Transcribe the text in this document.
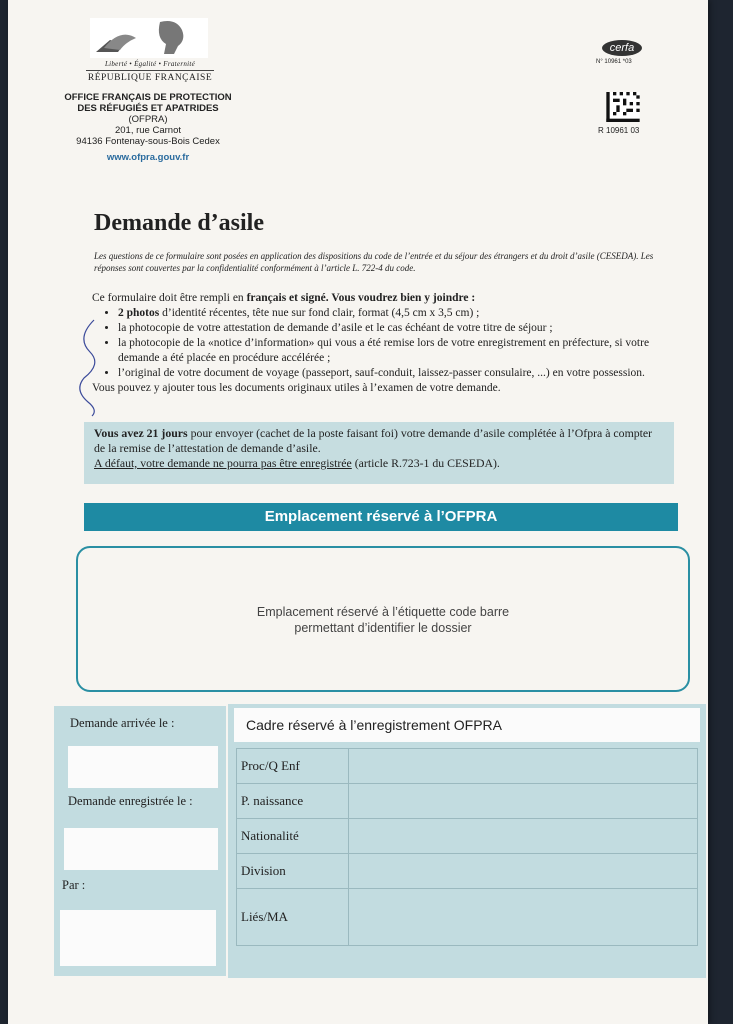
Liberté • Égalité • Fraternité
RÉPUBLIQUE FRANÇAISE
OFFICE FRANÇAIS DE PROTECTION
DES RÉFUGIÉS ET APATRIDES
(OFPRA)
201, rue Carnot
94136 Fontenay-sous-Bois Cedex
www.ofpra.gouv.fr
cerfa
N° 10961 *03
R 10961 03
Demande d’asile
Les questions de ce formulaire sont posées en application des dispositions du code de l’entrée et du séjour des étrangers et du droit d’asile (CESEDA). Les réponses sont couvertes par la confidentialité conformément à l’article L. 722-4 du code.
Ce formulaire doit être rempli en français et signé. Vous voudrez bien y joindre :
• 2 photos d’identité récentes, tête nue sur fond clair, format (4,5 cm x 3,5 cm) ;
• la photocopie de votre attestation de demande d’asile et le cas échéant de votre titre de séjour ;
• la photocopie de la «notice d’information» qui vous a été remise lors de votre enregistrement en préfecture, si votre demande a été placée en procédure accélérée ;
• l’original de votre document de voyage (passeport, sauf-conduit, laissez-passer consulaire, ...) en votre possession.
Vous pouvez y ajouter tous les documents originaux utiles à l’examen de votre demande.
Vous avez 21 jours pour envoyer (cachet de la poste faisant foi) votre demande d’asile complétée à l’Ofpra à compter de la remise de l’attestation de demande d’asile.
A défaut, votre demande ne pourra pas être enregistrée (article R.723-1 du CESEDA).
Emplacement réservé à l’OFPRA
Emplacement réservé à l’étiquette code barre
permettant d’identifier le dossier
Demande arrivée le :
Demande enregistrée le :
Par :
Cadre réservé à l’enregistrement OFPRA
Proc/Q Enf	
P. naissance	
Nationalité	
Division	
Liés/MA	
